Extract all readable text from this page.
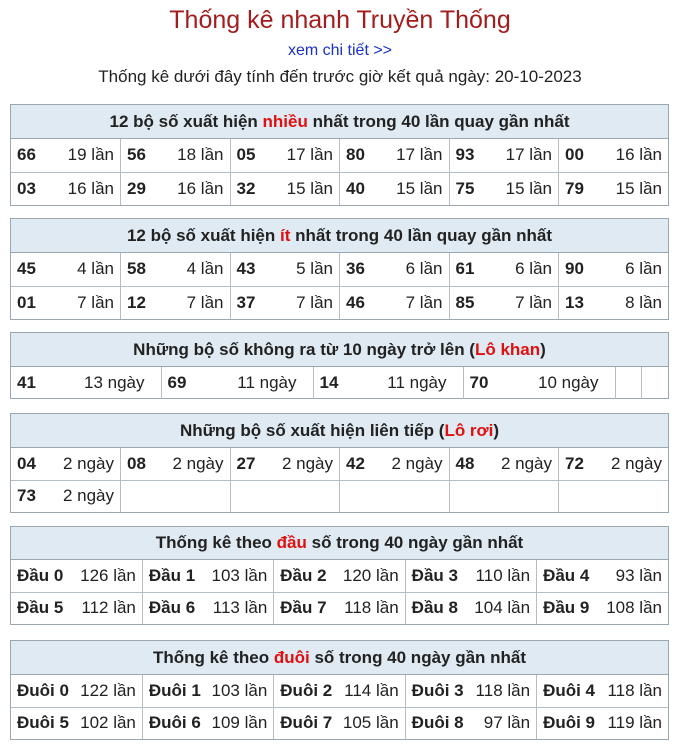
Thống kê nhanh Truyền Thống
xem chi tiết >>
Thống kê dưới đây tính đến trước giờ kết quả ngày: 20-10-2023
12 bộ số xuất hiện nhiều nhất trong 40 lần quay gần nhất
66 19 lần	56 18 lần	05 17 lần	80 17 lần	93 17 lần	00 16 lần

03 16 lần	29 16 lần	32 15 lần	40 15 lần	75 15 lần	79 15 lần
12 bộ số xuất hiện ít nhất trong 40 lần quay gần nhất
45 4 lần	58 4 lần	43 5 lần	36 6 lần	61 6 lần	90 6 lần

01 7 lần	12 7 lần	37 7 lần	46 7 lần	85 7 lần	13 8 lần
Những bộ số không ra từ 10 ngày trở lên (Lô khan)
41	13 ngày	69	11 ngày	14	11 ngày	70	10 ngày

Những bộ số xuất hiện liên tiếp (Lô rơi)
04 2 ngày	08 2 ngày	27 2 ngày	42 2 ngày	48 2 ngày	72 2 ngày

73 2 ngày					

Thống kê theo đầu số trong 40 ngày gần nhất
Đầu 0 126 lần	Đầu 1 103 lần	Đầu 2 120 lần	Đầu 3 110 lần	Đầu 4 93 lần

Đầu 5 112 lần	Đầu 6 113 lần	Đầu 7 118 lần	Đầu 8 104 lần	Đầu 9 108 lần
Thống kê theo đuôi số trong 40 ngày gần nhất
Đuôi 0 122 lần	Đuôi 1 103 lần	Đuôi 2 114 lần	Đuôi 3 118 lần	Đuôi 4 118 lần

Đuôi 5 102 lần	Đuôi 6 109 lần	Đuôi 7 105 lần	Đuôi 8 97 lần	Đuôi 9 119 lần
